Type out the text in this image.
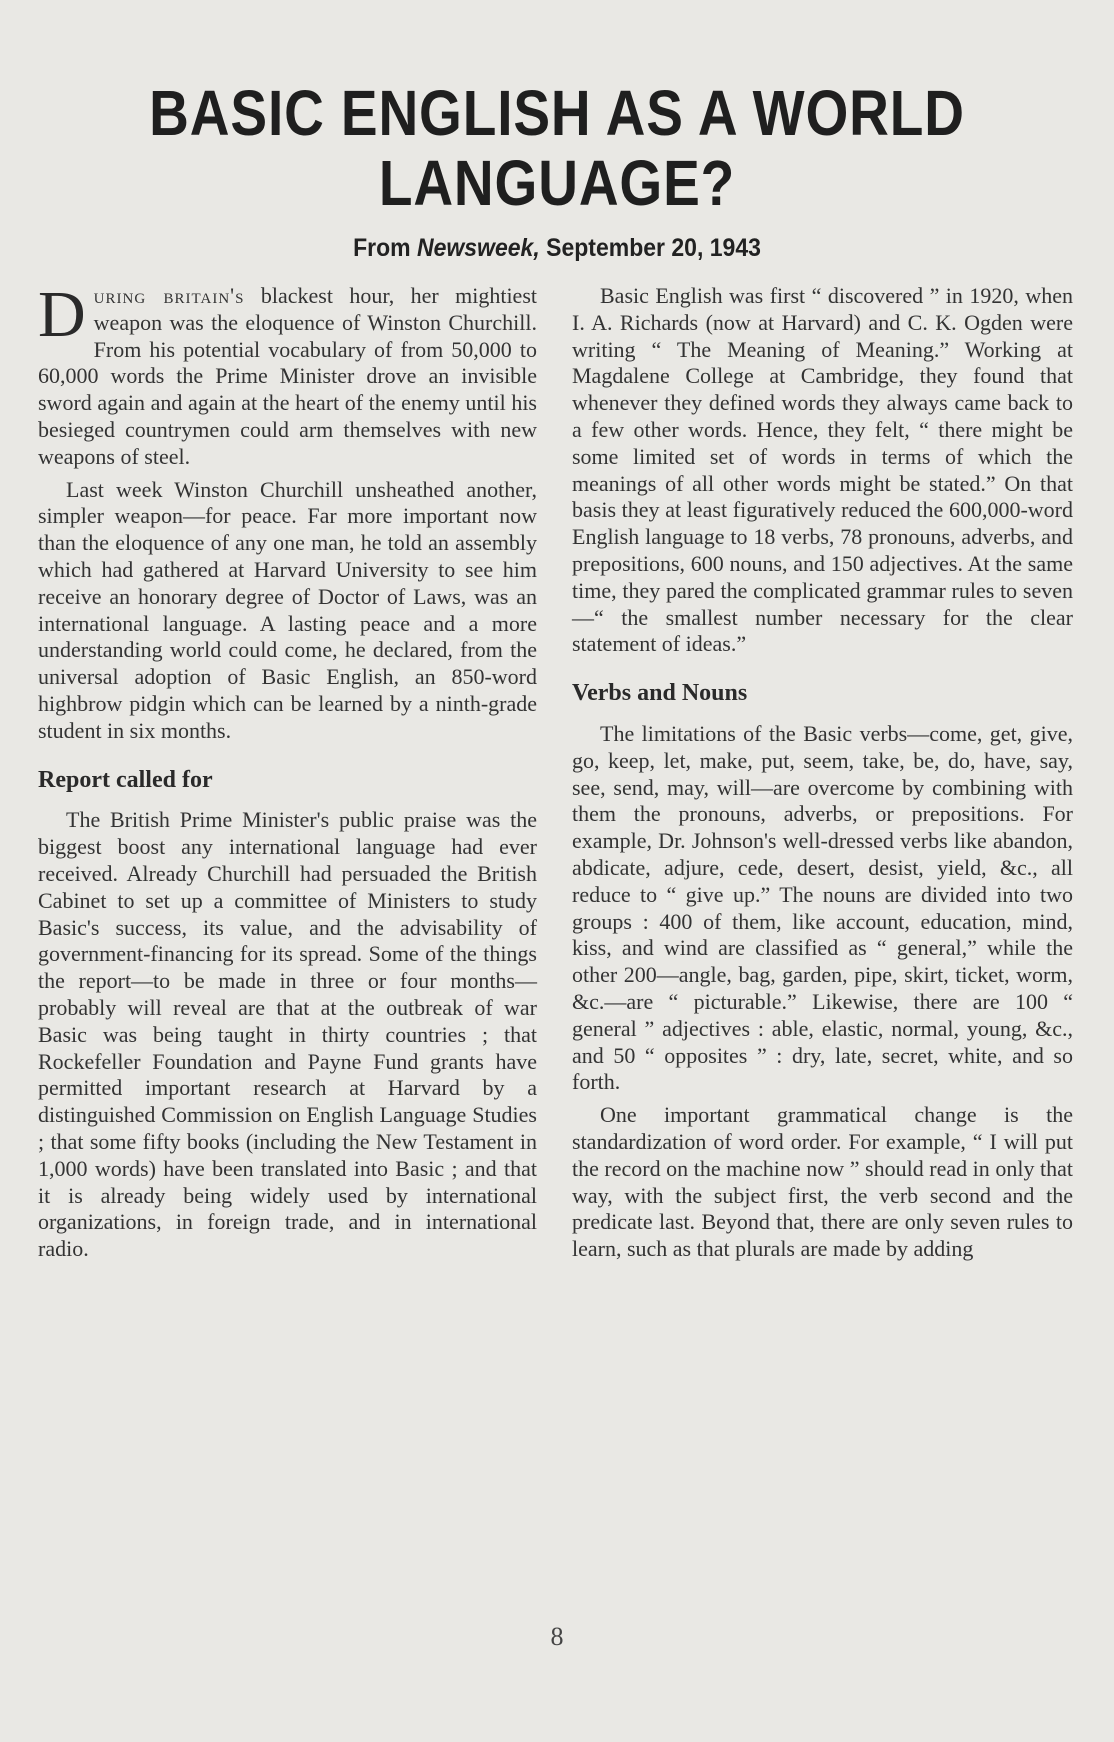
BASIC ENGLISH AS A WORLD
LANGUAGE?
From Newsweek, September 20, 1943

During britain's blackest hour, her mightiest weapon was the eloquence of Winston Churchill. From his potential vocabulary of from 50,000 to 60,000 words the Prime Minister drove an invisible sword again and again at the heart of the enemy until his besieged countrymen could arm themselves with new weapons of steel.

Last week Winston Churchill unsheathed another, simpler weapon—for peace. Far more important now than the eloquence of any one man, he told an assembly which had gathered at Harvard University to see him receive an honorary degree of Doctor of Laws, was an international language. A lasting peace and a more understanding world could come, he declared, from the universal adoption of Basic English, an 850-word highbrow pidgin which can be learned by a ninth-grade student in six months.

Report called for

The British Prime Minister's public praise was the biggest boost any international language had ever received. Already Churchill had persuaded the British Cabinet to set up a committee of Ministers to study Basic's success, its value, and the advisability of government-financing for its spread. Some of the things the report—to be made in three or four months—probably will reveal are that at the outbreak of war Basic was being taught in thirty countries ; that Rockefeller Foundation and Payne Fund grants have permitted important research at Harvard by a distinguished Commission on English Language Studies ; that some fifty books (including the New Testament in 1,000 words) have been translated into Basic ; and that it is already being widely used by international organizations, in foreign trade, and in international radio.

Basic English was first “ discovered ” in 1920, when I. A. Richards (now at Harvard) and C. K. Ogden were writing “ The Meaning of Meaning.” Working at Magdalene College at Cambridge, they found that whenever they defined words they always came back to a few other words. Hence, they felt, “ there might be some limited set of words in terms of which the meanings of all other words might be stated.” On that basis they at least figuratively reduced the 600,000-word English language to 18 verbs, 78 pronouns, adverbs, and prepositions, 600 nouns, and 150 adjectives. At the same time, they pared the complicated grammar rules to seven—“ the smallest number necessary for the clear statement of ideas.”

Verbs and Nouns

The limitations of the Basic verbs—come, get, give, go, keep, let, make, put, seem, take, be, do, have, say, see, send, may, will—are overcome by combining with them the pronouns, adverbs, or prepositions. For example, Dr. Johnson's well-dressed verbs like abandon, abdicate, adjure, cede, desert, desist, yield, &c., all reduce to “ give up.” The nouns are divided into two groups : 400 of them, like account, education, mind, kiss, and wind are classified as “ general,” while the other 200—angle, bag, garden, pipe, skirt, ticket, worm, &c.—are “ picturable.” Likewise, there are 100 “ general ” adjectives : able, elastic, normal, young, &c., and 50 “ opposites ” : dry, late, secret, white, and so forth.

One important grammatical change is the standardization of word order. For example, “ I will put the record on the machine now ” should read in only that way, with the subject first, the verb second and the predicate last. Beyond that, there are only seven rules to learn, such as that plurals are made by adding

8
